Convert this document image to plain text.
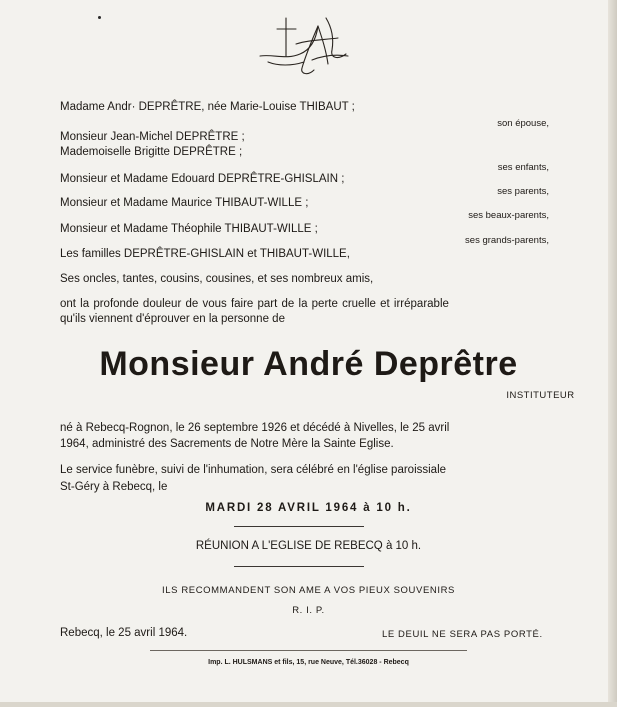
Madame Andr· DEPRÊTRE, née Marie-Louise THIBAUT ;
son épouse,
Monsieur Jean-Michel DEPRÊTRE ;
Mademoiselle Brigitte DEPRÊTRE ;
ses enfants,
Monsieur et Madame Edouard DEPRÊTRE-GHISLAIN ;
ses parents,
Monsieur et Madame Maurice THIBAUT-WILLE ;
ses beaux-parents,
Monsieur et Madame Théophile THIBAUT-WILLE ;
ses grands-parents,
Les familles DEPRÊTRE-GHISLAIN et THIBAUT-WILLE,
Ses oncles, tantes, cousins, cousines, et ses nombreux amis,
ont la profonde douleur de vous faire part de la perte cruelle et irréparable
qu'ils viennent d'éprouver en la personne de
Monsieur André Deprêtre
INSTITUTEUR
né à Rebecq-Rognon, le 26 septembre 1926 et décédé à Nivelles, le 25 avril
1964, administré des Sacrements de Notre Mère la Sainte Eglise.
Le service funèbre, suivi de l'inhumation, sera célébré en l'église paroissiale
St-Géry à Rebecq, le
MARDI 28 AVRIL 1964 à 10 h.
RÉUNION A L'EGLISE DE REBECQ à 10 h.
ILS RECOMMANDENT SON AME A VOS PIEUX SOUVENIRS
R. I. P.
Rebecq, le 25 avril 1964.	LE DEUIL NE SERA PAS PORTÉ.
Imp. L. HULSMANS et fils, 15, rue Neuve, Tél.36028 - Rebecq
